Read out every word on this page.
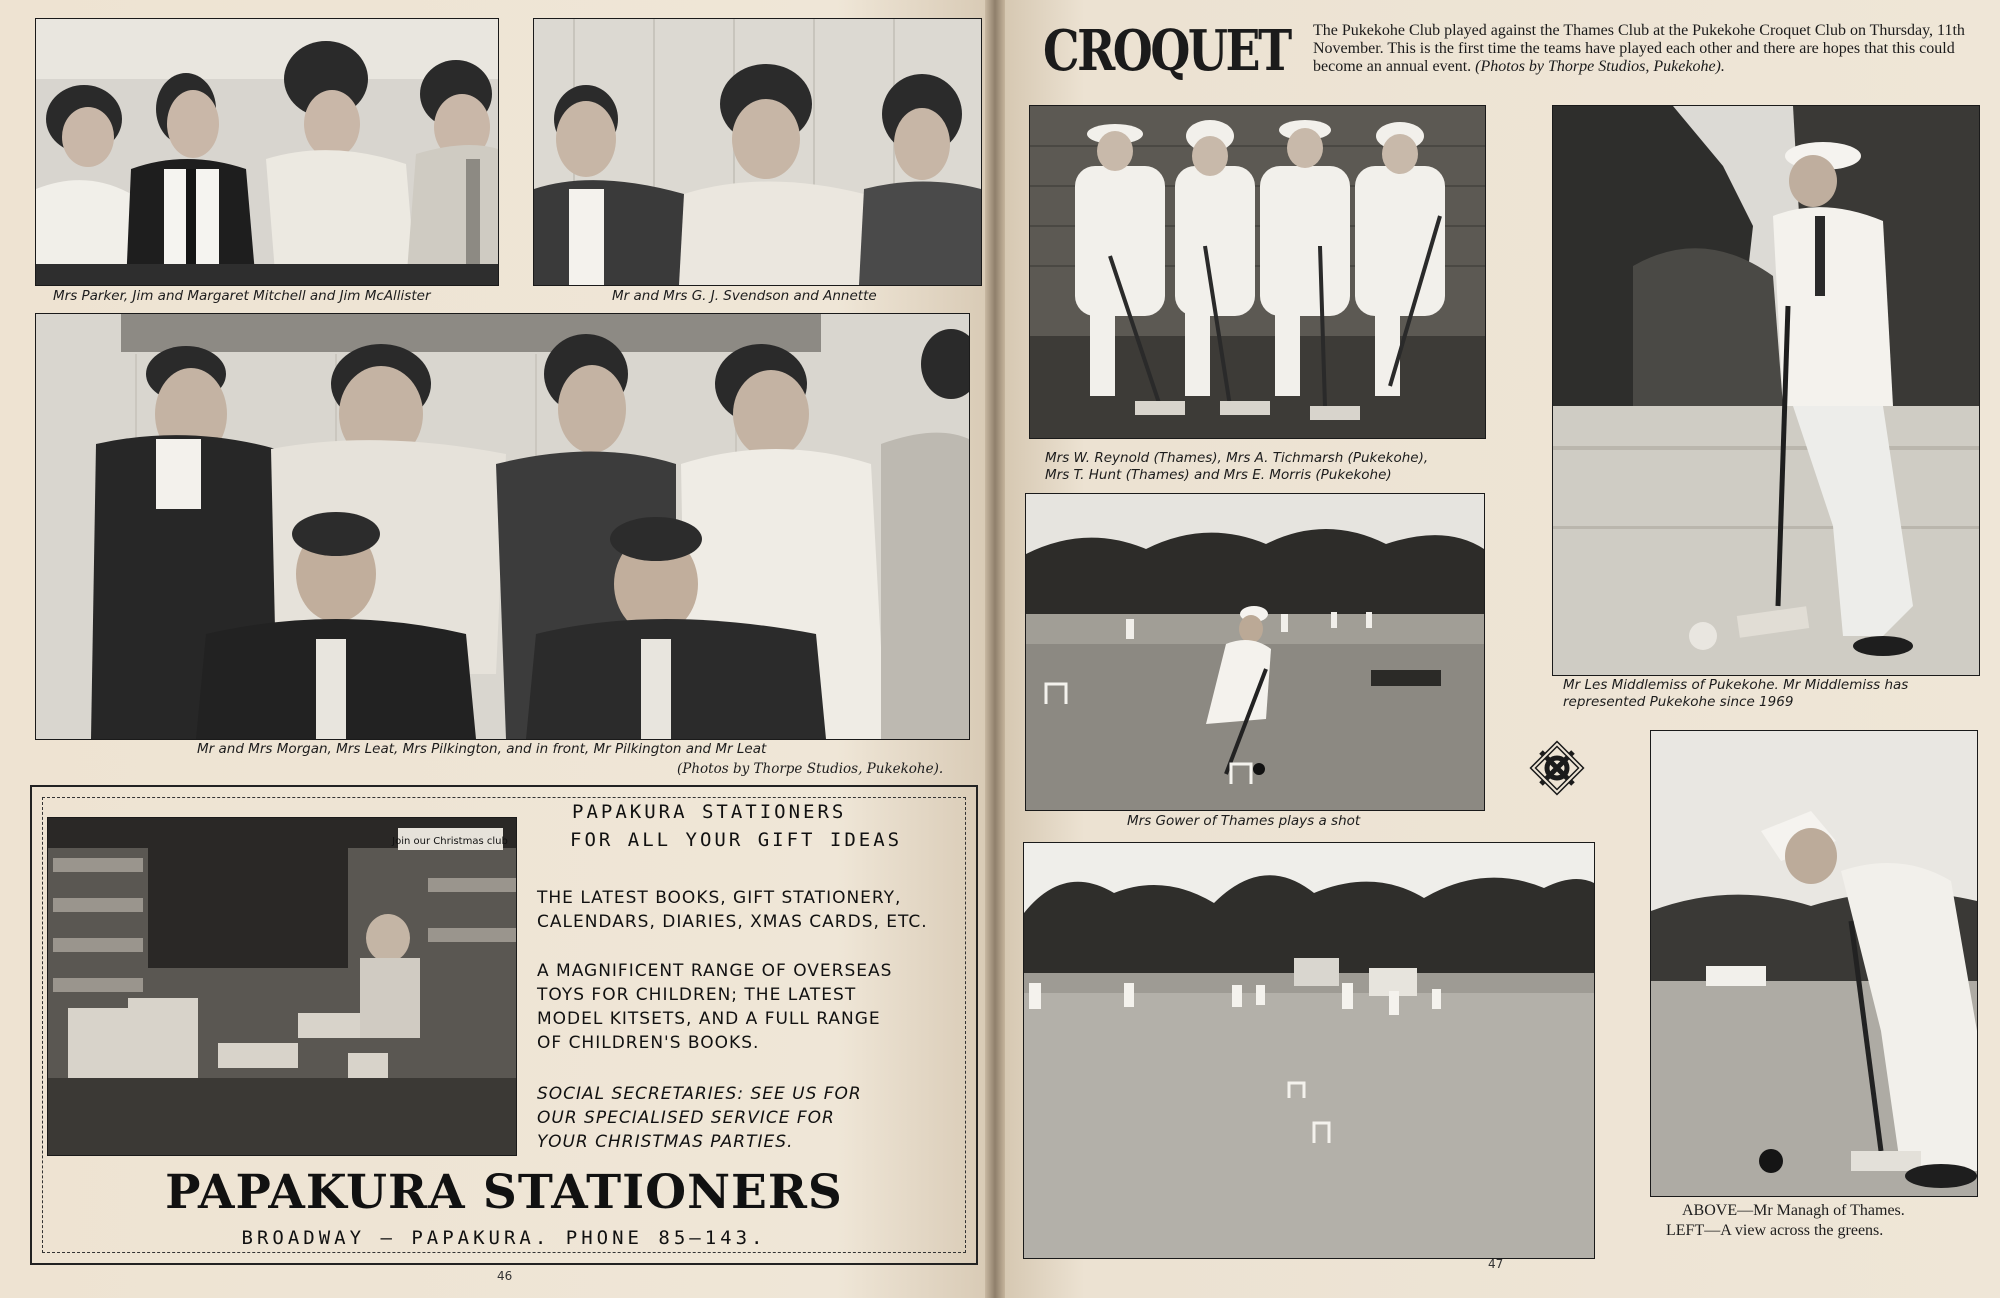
Mrs Parker, Jim and Margaret Mitchell and Jim McAllister	Mr and Mrs G. J. Svendson and Annette
Mr and Mrs Morgan, Mrs Leat, Mrs Pilkington, and in front, Mr Pilkington and Mr Leat
(Photos by Thorpe Studios, Pukekohe).
Join our Christmas club
PAPAKURA STATIONERS
FOR ALL YOUR GIFT IDEAS
THE LATEST BOOKS, GIFT STATIONERY,
CALENDARS, DIARIES, XMAS CARDS, ETC.
A MAGNIFICENT RANGE OF OVERSEAS
TOYS FOR CHILDREN; THE LATEST
MODEL KITSETS, AND A FULL RANGE
OF CHILDREN'S BOOKS.
SOCIAL SECRETARIES: SEE US FOR
OUR SPECIALISED SERVICE FOR
YOUR CHRISTMAS PARTIES.
PAPAKURA STATIONERS
BROADWAY — PAPAKURA. PHONE 85–143.
46
CROQUET The Pukekohe Club played against the Thames Club at the Pukekohe Croquet Club on Thursday, 11th November. This is the first time the teams have played each other and there are hopes that this could become an annual event. (Photos by Thorpe Studios, Pukekohe).
Mrs W. Reynold (Thames), Mrs A. Tichmarsh (Pukekohe),
Mrs T. Hunt (Thames) and Mrs E. Morris (Pukekohe)
Mr Les Middlemiss of Pukekohe. Mr Middlemiss has
represented Pukekohe since 1969
Mrs Gower of Thames plays a shot
ABOVE—Mr Managh of Thames.
LEFT—A view across the greens.
47
